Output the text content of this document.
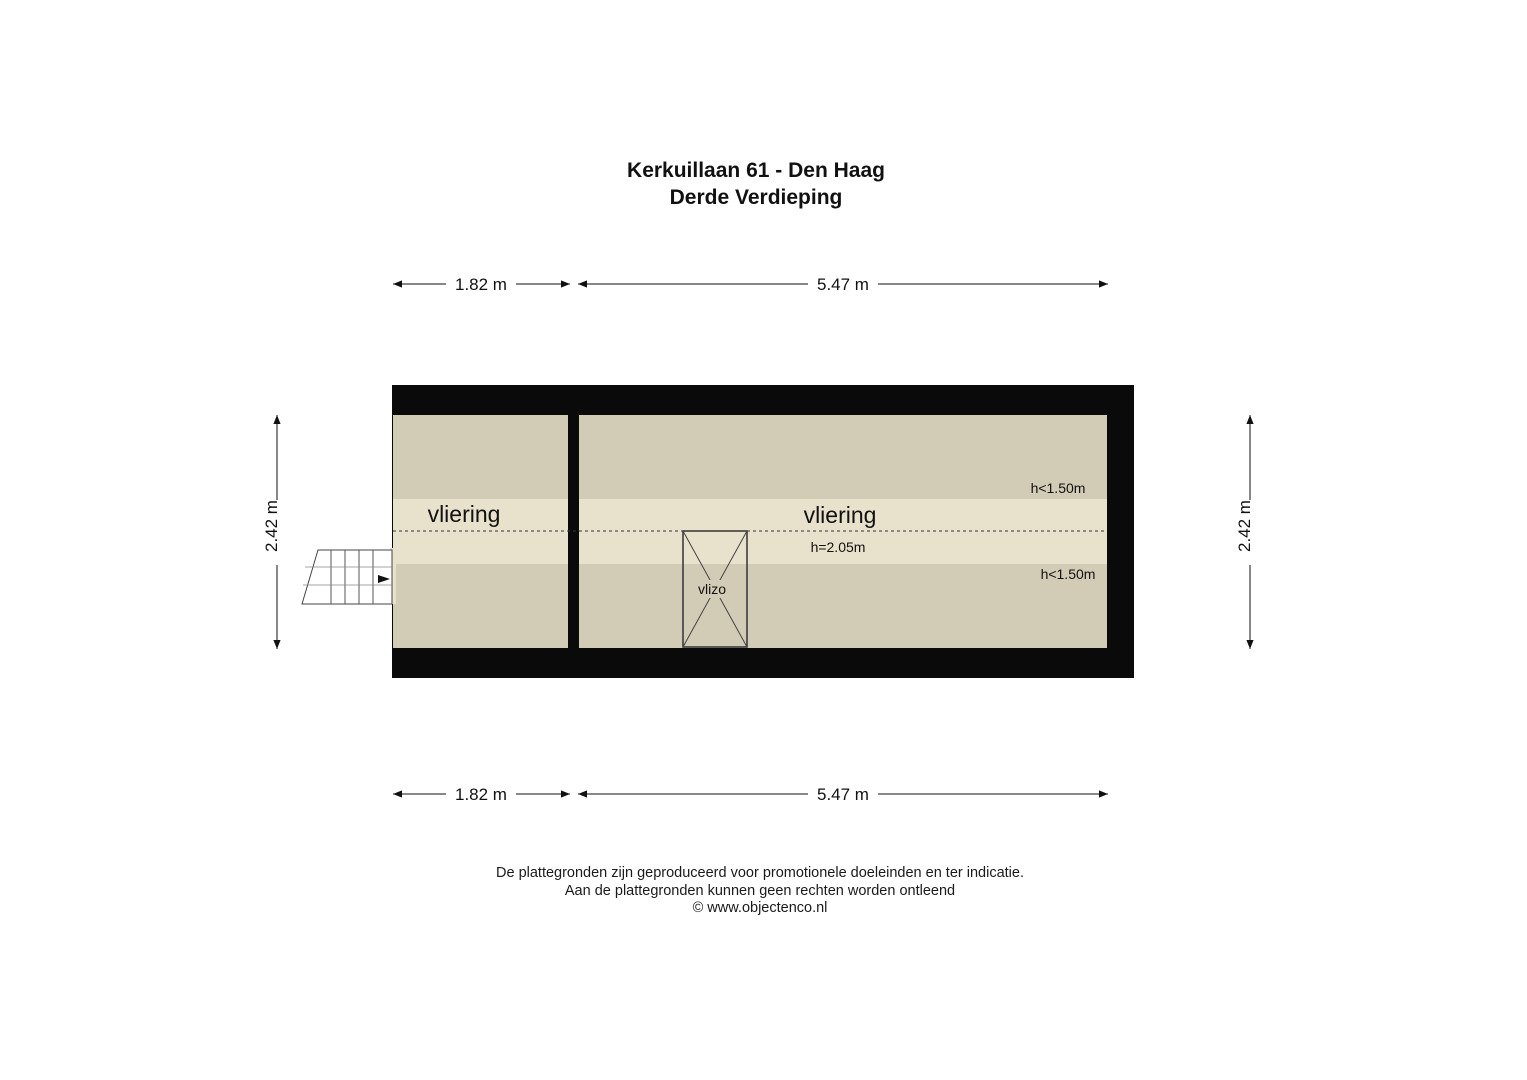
Kerkuillaan 61 - Den Haag
Derde Verdieping
1.82 m	5.47 m
1.82 m	5.47 m
2.42 m	2.42 m
vlizo
vliering	vliering
h<1.50m
h=2.05m
h<1.50m
De plattegronden zijn geproduceerd voor promotionele doeleinden en ter indicatie.
Aan de plattegronden kunnen geen rechten worden ontleend
© www.objectenco.nl
